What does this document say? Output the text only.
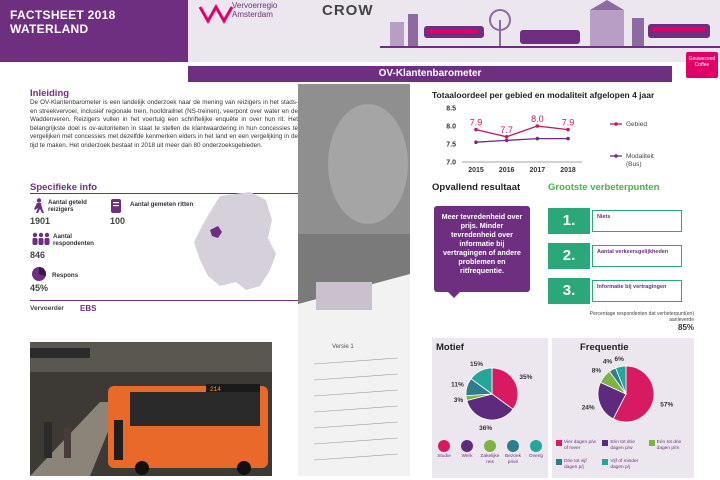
FACTSHEET 2018
WATERLAND
Vervoerregio
Amsterdam	CROW
OV-Klantenbarometer
Gouwezeed
Coffee
Inleiding
De OV-Klantenbarometer is een landelijk onderzoek naar de mening van reizigers in het stads- en streekvervoer, inclusief regionale trein, hoofdrailnet (NS-treinen), veerpont over water en de Waddenveren. Reizigers vullen in het voertuig een schriftelijke enquête in over hun rit. Het belangrijkste doel is ov-autoriteiten in staat te stellen de klantwaardering in hun concessies te vergelijken met concessies met dezelfde kenmerken elders in het land en een vergelijking in de tijd te maken. Het onderzoek bestaat in 2018 uit meer dan 80 onderzoeksgebieden.
Specifieke info
Aantal geteld reizigers
1901
Aantal gemeten ritten
100
Aantal respondenten
846
Respons
45%
Vervoerder EBS
214
Versie 1
Totaaloordeel per gebied en modaliteit afgelopen 4 jaar
8.5
8.0
7.5
7.0
2015 2016 2017 2018
7.9
7.7
8.0 7.9	Gebied
Modaliteit
(Bus)
Opvallend resultaat	Grootste verbeterpunten
Meer tevredenheid over prijs. Minder tevredenheid over informatie bij vertragingen of andere problemen en ritfrequentie.
1.	Niets
2.	Aantal verkeersgelijkheden
3.	Informatie bij vertragingen
Percentage respondenten dat verbeterpunt(en) aanleverde
85%
Motief
35%
36%
3%
11%
15%
Studie Werk Zakelijke reis
Bezoek privé
Overig
Frequentie
57%
24%
8%
4% 6%
Vier dagen p/w of meer
Eén tot drie dagen p/w
Eén tot drie dagen p/m
Drie tot vijf dagen p/j
Vijf of minder dagen p/j
